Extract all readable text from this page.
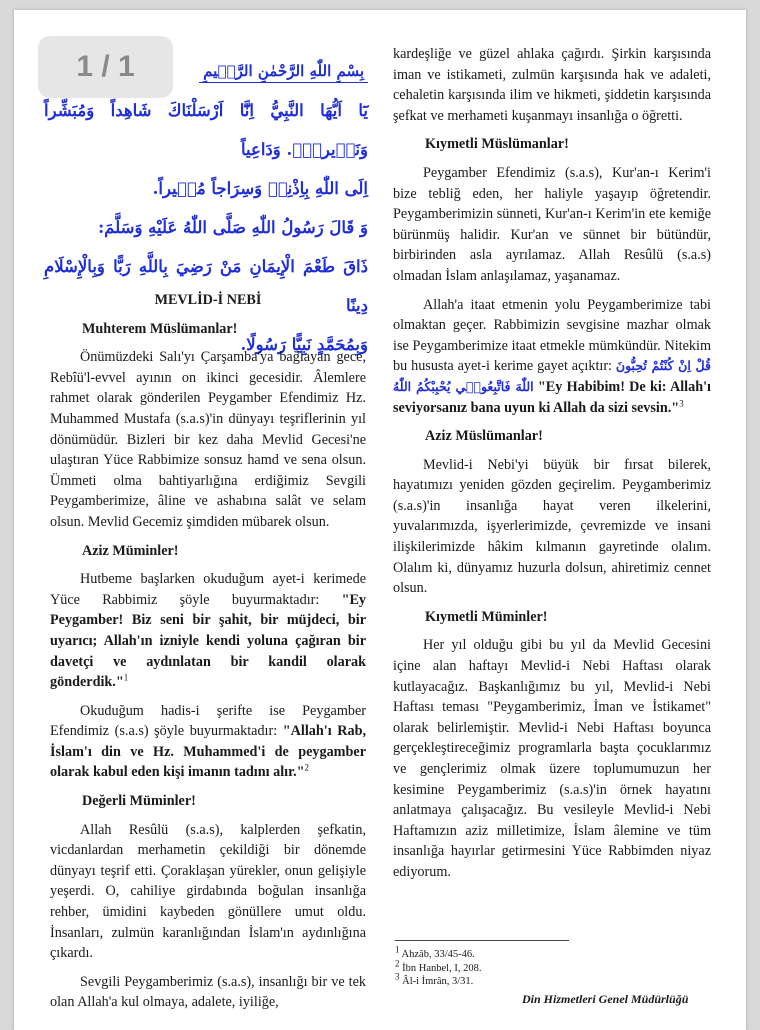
1 / 1	بِسْمِ اللّٰهِ الرَّحْمٰنِ الرَّح۪يمِ
يَٓا اَيُّهَا النَّبِيُّ اِنَّٓا اَرْسَلْنَاكَ شَاهِداً وَمُبَشِّراً وَنَذ۪يراًۙ. وَدَاعِياً
اِلَى اللّٰهِ بِاِذْنِه۪ وَسِرَاجاً مُن۪يراً.
وَ قَالَ رَسُولُ اللّٰهِ صَلَّى اللّٰهُ عَلَيْهِ وَسَلَّمَ:
ذَاقَ طَعْمَ الْإِيمَانِ مَنْ رَضِيَ بِاللَّهِ رَبًّا وَبِالْإِسْلَامِ دِينًا
وَبِمُحَمَّدٍ نَبِيًّا رَسُولًا.

MEVLİD-İ NEBİ

Muhterem Müslümanlar!

Önümüzdeki Salı'yı Çarşamba'ya bağlayan gece, Rebîü'l-evvel ayının on ikinci gecesidir. Âlemlere rahmet olarak gönderilen Peygamber Efendimiz Hz. Muhammed Mustafa (s.a.s)'in dünyayı teşriflerinin yıl dönümüdür. Bizleri bir kez daha Mevlid Gecesi'ne ulaştıran Yüce Rabbimize sonsuz hamd ve sena olsun. Ümmeti olma bahtiyarlığına erdiğimiz Sevgili Peygamberimize, âline ve ashabına salât ve selam olsun. Mevlid Gecemiz şimdiden mübarek olsun.

Aziz Müminler!

Hutbeme başlarken okuduğum ayet-i kerimede Yüce Rabbimiz şöyle buyurmaktadır: "Ey Peygamber! Biz seni bir şahit, bir müjdeci, bir uyarıcı; Allah'ın izniyle kendi yoluna çağıran bir davetçi ve aydınlatan bir kandil olarak gönderdik."$^1$

Okuduğum hadis-i şerifte ise Peygamber Efendimiz (s.a.s) şöyle buyurmaktadır: "Allah'ı Rab, İslam'ı din ve Hz. Muhammed'i de peygamber olarak kabul eden kişi imanın tadını alır."$^2$

Değerli Müminler!

Allah Resûlü (s.a.s), kalplerden şefkatin, vicdanlardan merhametin çekildiği bir dönemde dünyayı teşrif etti. Çoraklaşan yürekler, onun gelişiyle yeşerdi. O, cahiliye girdabında boğulan insanlığa rehber, ümidini kaybeden gönüllere umut oldu. İnsanları, zulmün karanlığından İslam'ın aydınlığına çıkardı.

Sevgili Peygamberimiz (s.a.s), insanlığı bir ve tek olan Allah'a kul olmaya, adalete, iyiliğe,

kardeşliğe ve güzel ahlaka çağırdı. Şirkin karşısında iman ve istikameti, zulmün karşısında hak ve adaleti, cehaletin karşısında ilim ve hikmeti, şiddetin karşısında şefkat ve merhameti kuşanmayı insanlığa o öğretti.

Kıymetli Müslümanlar!

Peygamber Efendimiz (s.a.s), Kur'an-ı Kerim'i bize tebliğ eden, her haliyle yaşayıp öğretendir. Peygamberimizin sünneti, Kur'an-ı Kerim'in ete kemiğe bürünmüş halidir. Kur'an ve sünnet bir bütündür, birbirinden asla ayrılamaz. Allah Resûlü (s.a.s) olmadan İslam anlaşılamaz, yaşanamaz.

Allah'a itaat etmenin yolu Peygamberimize tabi olmaktan geçer. Rabbimizin sevgisine mazhar olmak ise Peygamberimize itaat etmekle mümkündür. Nitekim bu hususta ayet-i kerime gayet açıktır: قُلْ اِنْ كُنْتُمْ تُحِبُّونَ اللّٰهَ فَاتَّبِعُون۪ي يُحْبِبْكُمُ اللّٰهُ "Ey Habibim! De ki: Allah'ı seviyorsanız bana uyun ki Allah da sizi sevsin."$^3$

Aziz Müslümanlar!

Mevlid-i Nebi'yi büyük bir fırsat bilerek, hayatımızı yeniden gözden geçirelim. Peygamberimiz (s.a.s)'in insanlığa hayat veren ilkelerini, yuvalarımızda, işyerlerimizde, çevremizde ve insani ilişkilerimizde hâkim kılmanın gayretinde olalım. Olalım ki, dünyamız huzurla dolsun, ahiretimiz cennet olsun.

Kıymetli Müminler!

Her yıl olduğu gibi bu yıl da Mevlid Gecesini içine alan haftayı Mevlid-i Nebi Haftası olarak kutlayacağız. Başkanlığımız bu yıl, Mevlid-i Nebi Haftası teması "Peygamberimiz, İman ve İstikamet" olarak belirlemiştir. Mevlid-i Nebi Haftası boyunca gerçekleştireceğimiz programlarla başta çocuklarımız ve gençlerimiz olmak üzere toplumumuzun her kesimine Peygamberimiz (s.a.s)'in örnek hayatını anlatmaya çalışacağız. Bu vesileyle Mevlid-i Nebi Haftamızın aziz milletimize, İslam âlemine ve tüm insanlığa hayırlar getirmesini Yüce Rabbimden niyaz ediyorum.

$^1$ Ahzâb, 33/45-46.
$^2$ İbn Hanbel, I, 208.
$^3$ Âl-i İmrân, 3/31.
Din Hizmetleri Genel Müdürlüğü
